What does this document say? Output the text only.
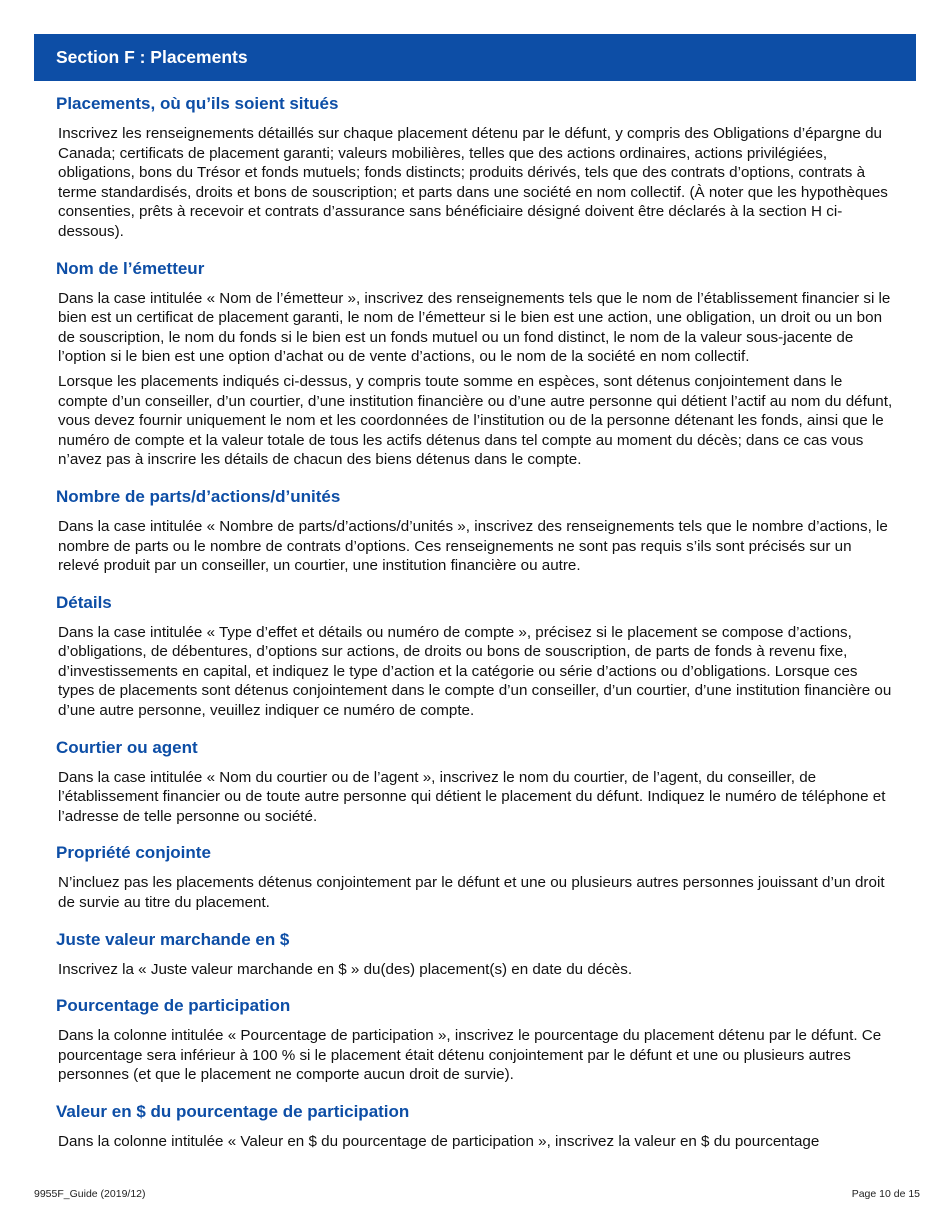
Section F : Placements
Placements, où qu’ils soient situés

Inscrivez les renseignements détaillés sur chaque placement détenu par le défunt, y compris des Obligations d’épargne du Canada; certificats de placement garanti; valeurs mobilières, telles que des actions ordinaires, actions privilégiées, obligations, bons du Trésor et fonds mutuels; fonds distincts; produits dérivés, tels que des contrats d’options, contrats à terme standardisés, droits et bons de souscription; et parts dans une société en nom collectif. (À noter que les hypothèques consenties, prêts à recevoir et contrats d’assurance sans bénéficiaire désigné doivent être déclarés à la section H ci-dessous).

Nom de l’émetteur

Dans la case intitulée « Nom de l’émetteur », inscrivez des renseignements tels que le nom de l’établissement financier si le bien est un certificat de placement garanti, le nom de l’émetteur si le bien est une action, une obligation, un droit ou un bon de souscription, le nom du fonds si le bien est un fonds mutuel ou un fond distinct, le nom de la valeur sous-jacente de l’option si le bien est une option d’achat ou de vente d’actions, ou le nom de la société en nom collectif.

Lorsque les placements indiqués ci-dessus, y compris toute somme en espèces, sont détenus conjointement dans le compte d’un conseiller, d’un courtier, d’une institution financière ou d’une autre personne qui détient l’actif au nom du défunt, vous devez fournir uniquement le nom et les coordonnées de l’institution ou de la personne détenant les fonds, ainsi que le numéro de compte et la valeur totale de tous les actifs détenus dans tel compte au moment du décès; dans ce cas vous n’avez pas à inscrire les détails de chacun des biens détenus dans le compte.

Nombre de parts/d’actions/d’unités

Dans la case intitulée « Nombre de parts/d’actions/d’unités », inscrivez des renseignements tels que le nombre d’actions, le nombre de parts ou le nombre de contrats d’options. Ces renseignements ne sont pas requis s’ils sont précisés sur un relevé produit par un conseiller, un courtier, une institution financière ou autre.

Détails

Dans la case intitulée « Type d’effet et détails ou numéro de compte », précisez si le placement se compose d’actions, d’obligations, de débentures, d’options sur actions, de droits ou bons de souscription, de parts de fonds à revenu fixe, d’investissements en capital, et indiquez le type d’action et la catégorie ou série d’actions ou d’obligations. Lorsque ces types de placements sont détenus conjointement dans le compte d’un conseiller, d’un courtier, d’une institution financière ou d’une autre personne, veuillez indiquer ce numéro de compte.

Courtier ou agent

Dans la case intitulée « Nom du courtier ou de l’agent », inscrivez le nom du courtier, de l’agent, du conseiller, de l’établissement financier ou de toute autre personne qui détient le placement du défunt. Indiquez le numéro de téléphone et l’adresse de telle personne ou société.

Propriété conjointe

N’incluez pas les placements détenus conjointement par le défunt et une ou plusieurs autres personnes jouissant d’un droit de survie au titre du placement.

Juste valeur marchande en $

Inscrivez la « Juste valeur marchande en $ » du(des) placement(s) en date du décès.

Pourcentage de participation

Dans la colonne intitulée « Pourcentage de participation », inscrivez le pourcentage du placement détenu par le défunt. Ce pourcentage sera inférieur à 100 % si le placement était détenu conjointement par le défunt et une ou plusieurs autres personnes (et que le placement ne comporte aucun droit de survie).

Valeur en $ du pourcentage de participation

Dans la colonne intitulée « Valeur en $ du pourcentage de participation », inscrivez la valeur en $ du pourcentage

9955F_Guide (2019/12)	Page 10 de 15
